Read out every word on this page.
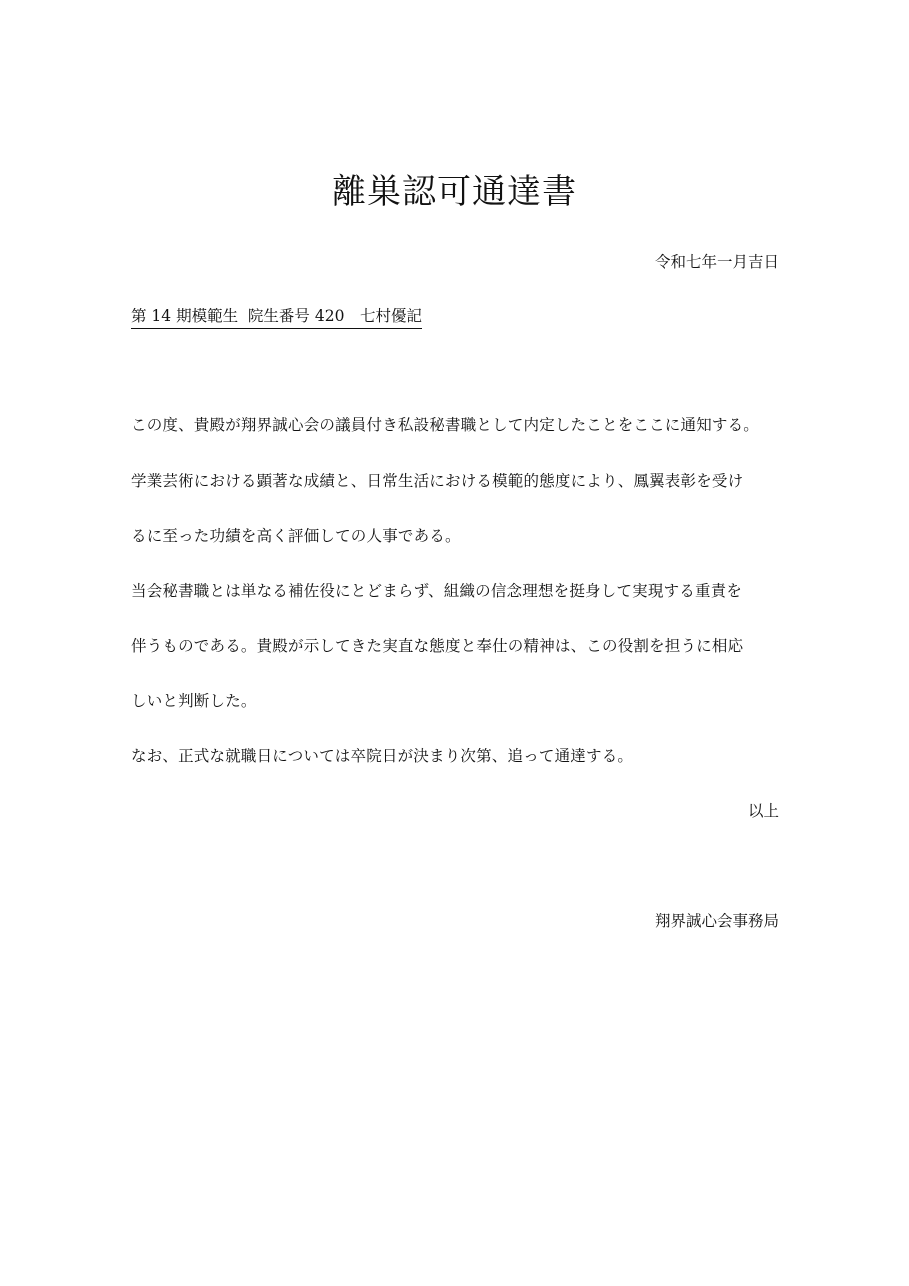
離巣認可通達書
令和七年一月吉日
第 14 期模範生  院生番号 420　七村優記
この度、貴殿が翔界誠心会の議員付き私設秘書職として内定したことをここに通知する。
学業芸術における顕著な成績と、日常生活における模範的態度により、鳳翼表彰を受け
るに至った功績を高く評価しての人事である。
当会秘書職とは単なる補佐役にとどまらず、組織の信念理想を挺身して実現する重責を
伴うものである。貴殿が示してきた実直な態度と奉仕の精神は、この役割を担うに相応
しいと判断した。
なお、正式な就職日については卒院日が決まり次第、追って通達する。
以上
翔界誠心会事務局
